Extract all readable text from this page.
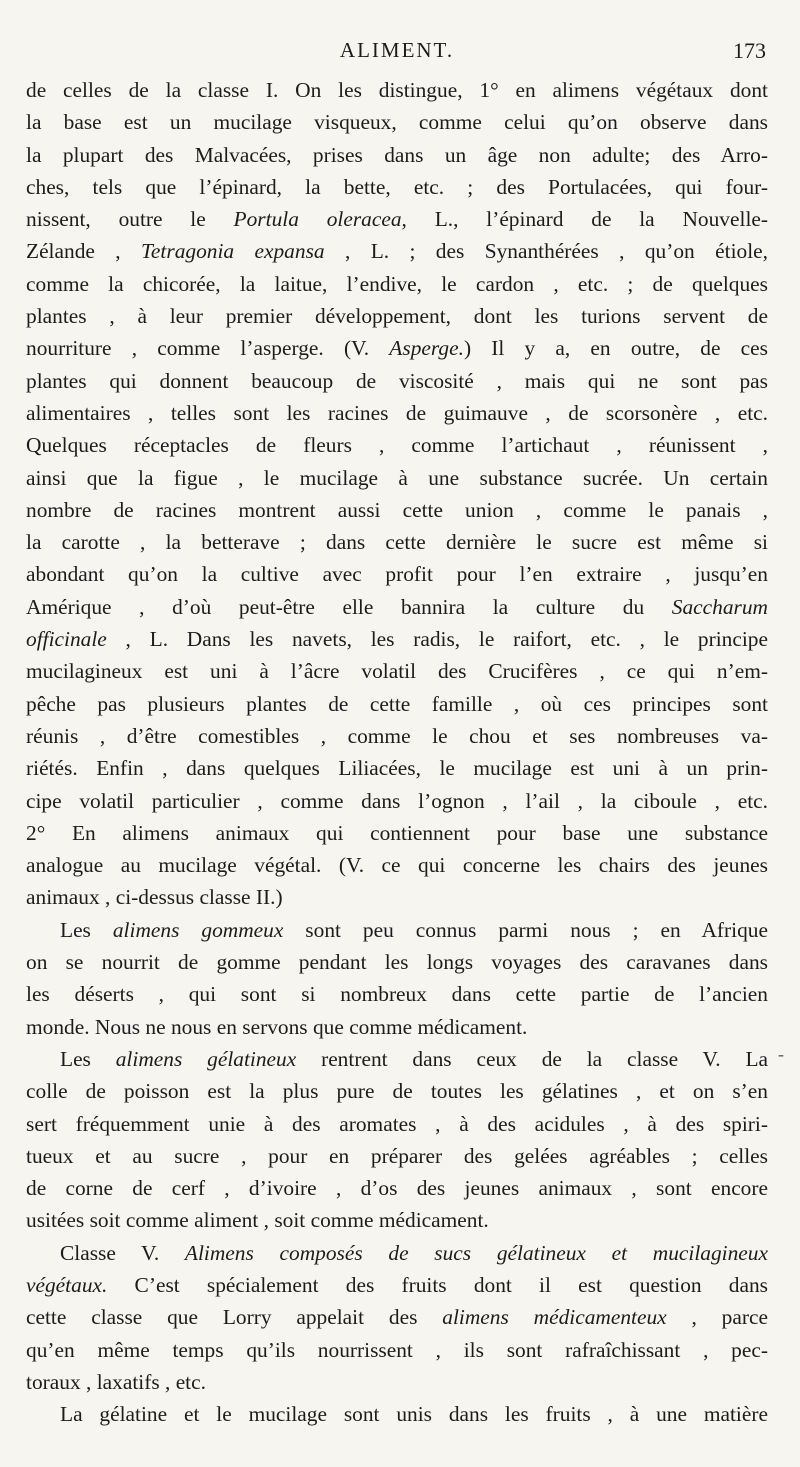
ALIMENT.	173
de celles de la classe I. On les distingue, 1° en alimens végétaux dont
la base est un mucilage visqueux, comme celui qu’on observe dans
la plupart des Malvacées, prises dans un âge non adulte; des Arro-
ches, tels que l’épinard, la bette, etc. ; des Portulacées, qui four-
nissent, outre le Portula oleracea, L., l’épinard de la Nouvelle-
Zélande , Tetragonia expansa , L. ; des Synanthérées , qu’on étiole,
comme la chicorée, la laitue, l’endive, le cardon , etc. ; de quelques
plantes , à leur premier développement, dont les turions servent de
nourriture , comme l’asperge. (V. Asperge.) Il y a, en outre, de ces
plantes qui donnent beaucoup de viscosité , mais qui ne sont pas
alimentaires , telles sont les racines de guimauve , de scorsonère , etc.
Quelques réceptacles de fleurs , comme l’artichaut , réunissent ,
ainsi que la figue , le mucilage à une substance sucrée. Un certain
nombre de racines montrent aussi cette union , comme le panais ,
la carotte , la betterave ; dans cette dernière le sucre est même si
abondant qu’on la cultive avec profit pour l’en extraire , jusqu’en
Amérique , d’où peut-être elle bannira la culture du Saccharum
officinale , L. Dans les navets, les radis, le raifort, etc. , le principe
mucilagineux est uni à l’âcre volatil des Crucifères , ce qui n’em-
pêche pas plusieurs plantes de cette famille , où ces principes sont
réunis , d’être comestibles , comme le chou et ses nombreuses va-
riétés. Enfin , dans quelques Liliacées, le mucilage est uni à un prin-
cipe volatil particulier , comme dans l’ognon , l’ail , la ciboule , etc.
2° En alimens animaux qui contiennent pour base une substance
analogue au mucilage végétal. (V. ce qui concerne les chairs des jeunes
animaux , ci-dessus classe II.)
Les alimens gommeux sont peu connus parmi nous ; en Afrique
on se nourrit de gomme pendant les longs voyages des caravanes dans
les déserts , qui sont si nombreux dans cette partie de l’ancien
monde. Nous ne nous en servons que comme médicament.
Les alimens gélatineux rentrent dans ceux de la classe V. La
colle de poisson est la plus pure de toutes les gélatines , et on s’en
sert fréquemment unie à des aromates , à des acidules , à des spiri-
tueux et au sucre , pour en préparer des gelées agréables ; celles
de corne de cerf , d’ivoire , d’os des jeunes animaux , sont encore
usitées soit comme aliment , soit comme médicament.
Classe V. Alimens composés de sucs gélatineux et mucilagineux
végétaux. C’est spécialement des fruits dont il est question dans
cette classe que Lorry appelait des alimens médicamenteux , parce
qu’en même temps qu’ils nourrissent , ils sont rafraîchissant , pec-
toraux , laxatifs , etc.
La gélatine et le mucilage sont unis dans les fruits , à une matière
-
